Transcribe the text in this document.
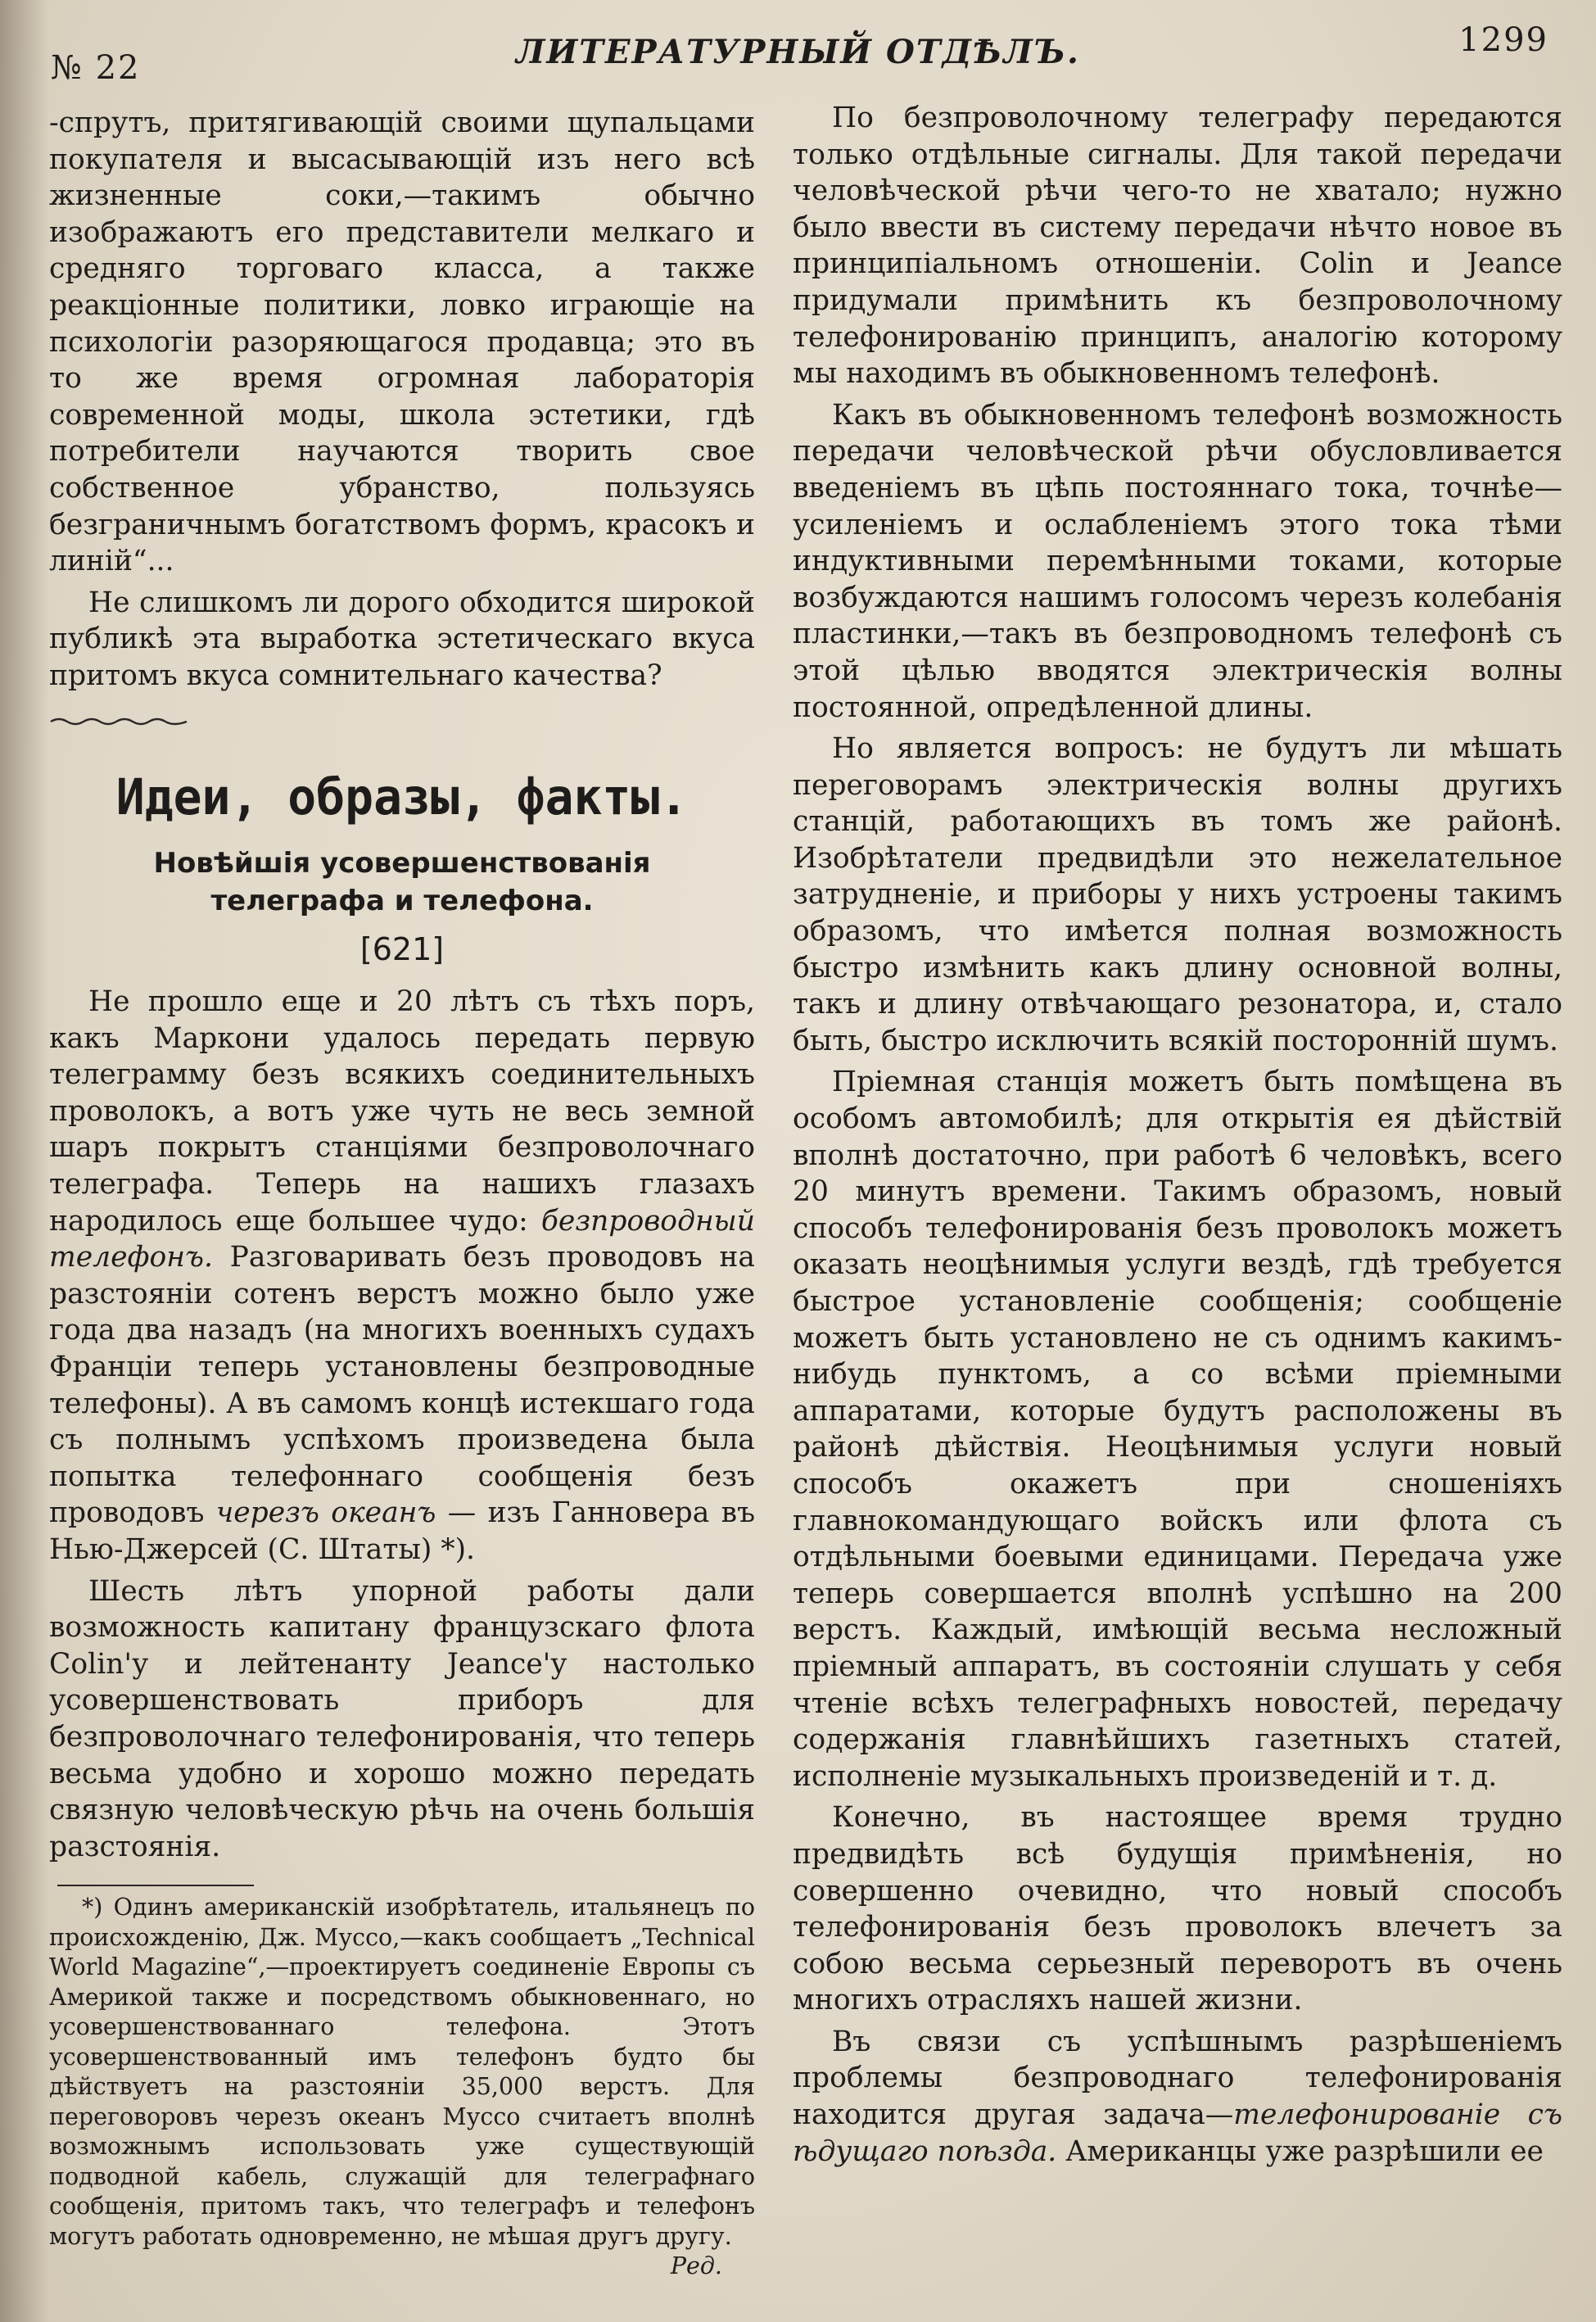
№ 22	ЛИТЕРАТУРНЫЙ ОТДѢЛЪ.	1299

-спрутъ, притягивающій своими щупальцами покупателя и высасывающій изъ него всѣ жизненные соки,—такимъ обычно изображаютъ его представители мелкаго и средняго торговаго класса, а также реакціонные политики, ловко играющіе на психологіи разоряющагося продавца; это въ то же время огромная лабораторія современной моды, школа эстетики, гдѣ потребители научаются творить свое собственное убранство, пользуясь безграничнымъ богатствомъ формъ, красокъ и линій“...

Не слишкомъ ли дорого обходится широкой публикѣ эта выработка эстетическаго вкуса притомъ вкуса сомнительнаго качества?

Идеи, образы, факты.
Новѣйшія усовершенствованія телеграфа и телефона.
[621]

Не прошло еще и 20 лѣтъ съ тѣхъ поръ, какъ Маркони удалось передать первую телеграмму безъ всякихъ соединительныхъ проволокъ, а вотъ уже чуть не весь земной шаръ покрытъ станціями безпроволочнаго телеграфа. Теперь на нашихъ глазахъ народилось еще большее чудо: безпроводный телефонъ. Разговаривать безъ проводовъ на разстояніи сотенъ верстъ можно было уже года два назадъ (на многихъ военныхъ судахъ Франціи теперь установлены безпроводные телефоны). А въ самомъ концѣ истекшаго года съ полнымъ успѣхомъ произведена была попытка телефоннаго сообщенія безъ проводовъ черезъ океанъ — изъ Ганновера въ Нью-Джерсей (С. Штаты) *).

Шесть лѣтъ упорной работы дали возможность капитану французскаго флота Colin'у и лейтенанту Jeance'у настолько усовершенствовать приборъ для безпроволочнаго телефонированія, что теперь весьма удобно и хорошо можно передать связную человѣческую рѣчь на очень большія разстоянія.

*) Одинъ американскій изобрѣтатель, итальянецъ по происхожденію, Дж. Муссо,—какъ сообщаетъ „Technical World Magazine“,—проектируетъ соединеніе Европы съ Америкой также и посредствомъ обыкновеннаго, но усовершенствованнаго телефона. Этотъ усовершенствованный имъ телефонъ будто бы дѣйствуетъ на разстояніи 35,000 верстъ. Для переговоровъ черезъ океанъ Муссо считаетъ вполнѣ возможнымъ использовать уже существующій подводной кабель, служащій для телеграфнаго сообщенія, притомъ такъ, что телеграфъ и телефонъ могутъ работать одновременно, не мѣшая другъ другу.

Ред.

По безпроволочному телеграфу передаются только отдѣльные сигналы. Для такой передачи человѣческой рѣчи чего-то не хватало; нужно было ввести въ систему передачи нѣчто новое въ принципіальномъ отношеніи. Colin и Jeance придумали примѣнить къ безпроволочному телефонированію принципъ, аналогію которому мы находимъ въ обыкновенномъ телефонѣ.

Какъ въ обыкновенномъ телефонѣ возможность передачи человѣческой рѣчи обусловливается введеніемъ въ цѣпь постояннаго тока, точнѣе—усиленіемъ и ослабленіемъ этого тока тѣми индуктивными перемѣнными токами, которые возбуждаются нашимъ голосомъ черезъ колебанія пластинки,—такъ въ безпроводномъ телефонѣ съ этой цѣлью вводятся электрическія волны постоянной, опредѣленной длины.

Но является вопросъ: не будутъ ли мѣшать переговорамъ электрическія волны другихъ станцій, работающихъ въ томъ же районѣ. Изобрѣтатели предвидѣли это нежелательное затрудненіе, и приборы у нихъ устроены такимъ образомъ, что имѣется полная возможность быстро измѣнить какъ длину основной волны, такъ и длину отвѣчающаго резонатора, и, стало быть, быстро исключить всякій посторонній шумъ.

Пріемная станція можетъ быть помѣщена въ особомъ автомобилѣ; для открытія ея дѣйствій вполнѣ достаточно, при работѣ 6 человѣкъ, всего 20 минутъ времени. Такимъ образомъ, новый способъ телефонированія безъ проволокъ можетъ оказать неоцѣнимыя услуги вездѣ, гдѣ требуется быстрое установленіе сообщенія; сообщеніе можетъ быть установлено не съ однимъ какимъ-нибудь пунктомъ, а со всѣми пріемными аппаратами, которые будутъ расположены въ районѣ дѣйствія. Неоцѣнимыя услуги новый способъ окажетъ при сношеніяхъ главнокомандующаго войскъ или флота съ отдѣльными боевыми единицами. Передача уже теперь совершается вполнѣ успѣшно на 200 верстъ. Каждый, имѣющій весьма несложный пріемный аппаратъ, въ состояніи слушать у себя чтеніе всѣхъ телеграфныхъ новостей, передачу содержанія главнѣйшихъ газетныхъ статей, исполненіе музыкальныхъ произведеній и т. д.

Конечно, въ настоящее время трудно предвидѣть всѣ будущія примѣненія, но совершенно очевидно, что новый способъ телефонированія безъ проволокъ влечетъ за собою весьма серьезный переворотъ въ очень многихъ отрасляхъ нашей жизни.

Въ связи съ успѣшнымъ разрѣшеніемъ проблемы безпроводнаго телефонированія находится другая задача—телефонированіе съ ѣдущаго поѣзда. Американцы уже разрѣшили ее
